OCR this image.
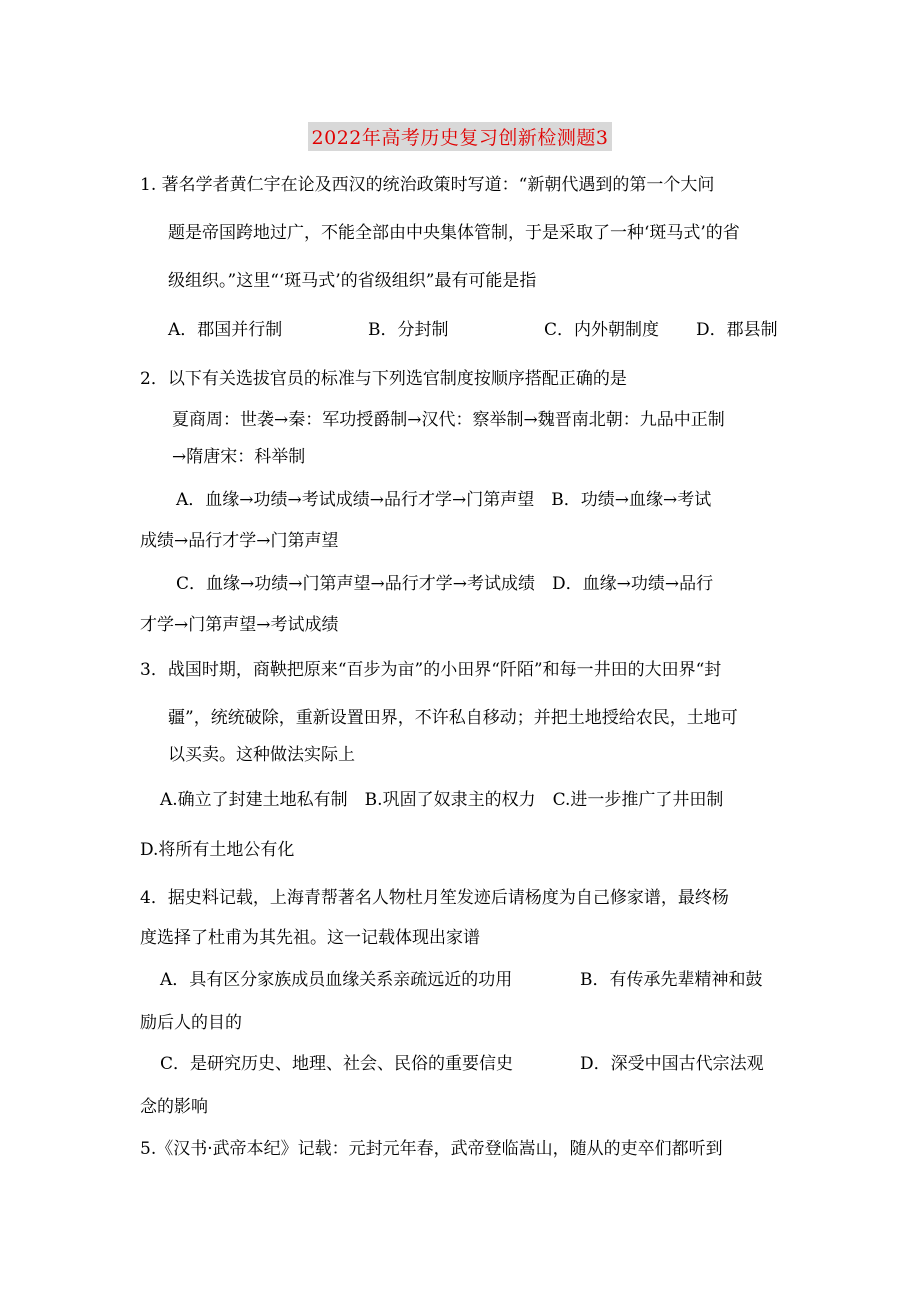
2022年高考历史复习创新检测题3
1. 著名学者黄仁宇在论及西汉的统治政策时写道：“新朝代遇到的第一个大问
题是帝国跨地过广，不能全部由中央集体管制，于是采取了一种‘斑马式’的省
级组织。”这里“‘斑马式’的省级组织”最有可能是指
A．郡国并行制	B．分封制	C．内外朝制度 D．郡县制
2．以下有关选拔官员的标准与下列选官制度按顺序搭配正确的是
夏商周：世袭→秦：军功授爵制→汉代：察举制→魏晋南北朝：九品中正制
→隋唐宋：科举制
A．血缘→功绩→考试成绩→品行才学→门第声望　B．功绩→血缘→考试
成绩→品行才学→门第声望
C．血缘→功绩→门第声望→品行才学→考试成绩　D．血缘→功绩→品行
才学→门第声望→考试成绩
3．战国时期，商鞅把原来“百步为亩”的小田界“阡陌”和每一井田的大田界“封
疆”，统统破除，重新设置田界，不许私自移动；并把土地授给农民，土地可
以买卖。这种做法实际上
A.确立了封建土地私有制　B.巩固了奴隶主的权力　C.进一步推广了井田制
D.将所有土地公有化
4．据史料记载，上海青帮著名人物杜月笙发迹后请杨度为自己修家谱，最终杨
度选择了杜甫为其先祖。这一记载体现出家谱
A．具有区分家族成员血缘关系亲疏远近的功用	B．有传承先辈精神和鼓
励后人的目的
C．是研究历史、地理、社会、民俗的重要信史	D．深受中国古代宗法观
念的影响
5.《汉书·武帝本纪》记载：元封元年春，武帝登临嵩山，随从的吏卒们都听到
